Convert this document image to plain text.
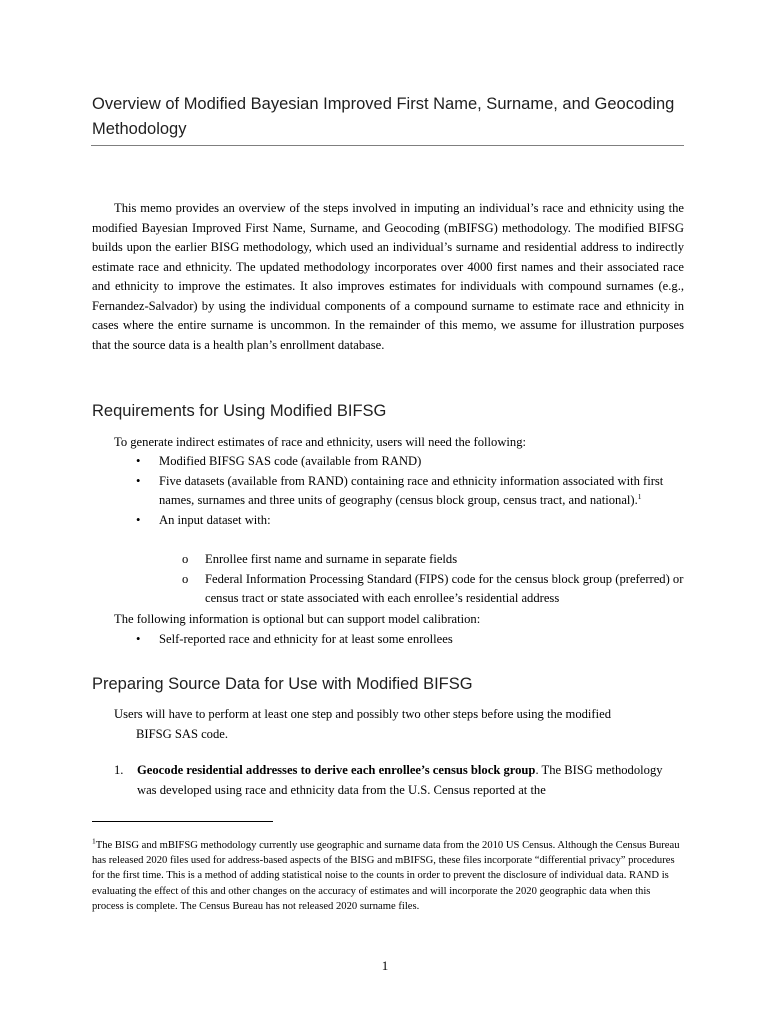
Overview of Modified Bayesian Improved First Name, Surname, and Geocoding Methodology

This memo provides an overview of the steps involved in imputing an individual’s race and ethnicity using the modified Bayesian Improved First Name, Surname, and Geocoding (mBIFSG) methodology. The modified BIFSG builds upon the earlier BISG methodology, which used an individual’s surname and residential address to indirectly estimate race and ethnicity. The updated methodology incorporates over 4000 first names and their associated race and ethnicity to improve the estimates. It also improves estimates for individuals with compound surnames (e.g., Fernandez-Salvador) by using the individual components of a compound surname to estimate race and ethnicity in cases where the entire surname is uncommon. In the remainder of this memo, we assume for illustration purposes that the source data is a health plan’s enrollment database.

Requirements for Using Modified BIFSG

To generate indirect estimates of race and ethnicity, users will need the following:

• Modified BIFSG SAS code (available from RAND)
• Five datasets (available from RAND) containing race and ethnicity information associated with first names, surnames and three units of geography (census block group, census tract, and national).$^1$
• An input dataset with:
o Enrollee first name and surname in separate fields
o Federal Information Processing Standard (FIPS) code for the census block group (preferred) or census tract or state associated with each enrollee’s residential address

The following information is optional but can support model calibration:

• Self-reported race and ethnicity for at least some enrollees
Preparing Source Data for Use with Modified BIFSG

Users will have to perform at least one step and possibly two other steps before using the modified
BIFSG SAS code.

1. Geocode residential addresses to derive each enrollee’s census block group. The BISG methodology was developed using race and ethnicity data from the U.S. Census reported at the

$^1$The BISG and mBIFSG methodology currently use geographic and surname data from the 2010 US Census. Although the Census Bureau has released 2020 files used for address-based aspects of the BISG and mBIFSG, these files incorporate “differential privacy” procedures for the first time. This is a method of adding statistical noise to the counts in order to prevent the disclosure of individual data. RAND is evaluating the effect of this and other changes on the accuracy of estimates and will incorporate the 2020 geographic data when this process is complete. The Census Bureau has not released 2020 surname files.

1
